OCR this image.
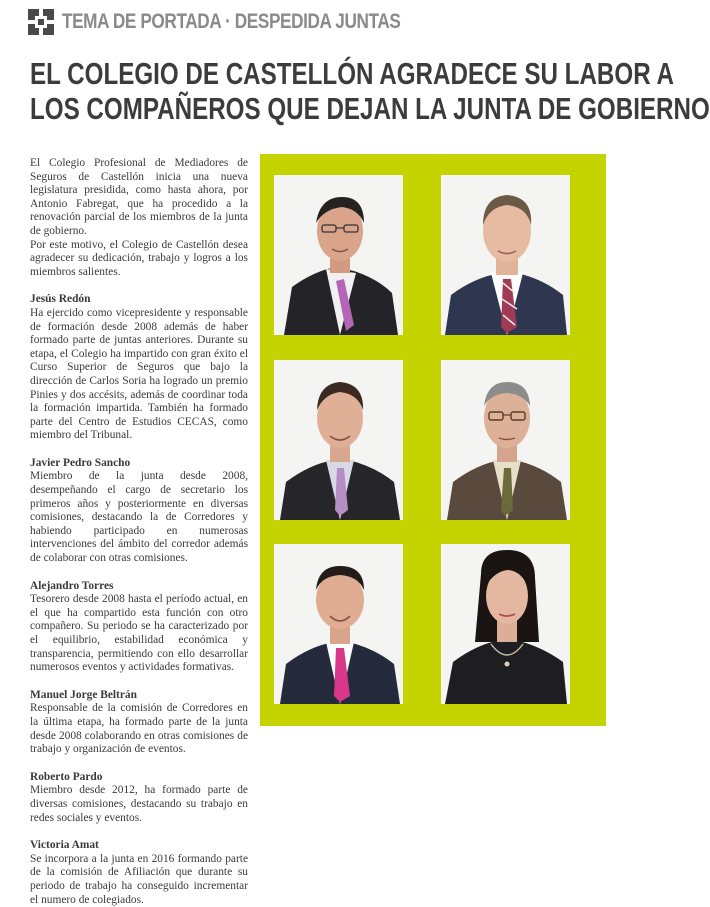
TEMA DE PORTADA · DESPEDIDA JUNTAS
EL COLEGIO DE CASTELLÓN AGRADECE SU LABOR A
LOS COMPAÑEROS QUE DEJAN LA JUNTA DE GOBIERNO

El Colegio Profesional de Mediadores de Seguros de Castellón inicia una nueva legislatura presidida, como hasta ahora, por Antonio Fabregat, que ha procedido a la renovación parcial de los miembros de la junta de gobierno.

Por este motivo, el Colegio de Castellón desea agradecer su dedicación, trabajo y logros a los miembros salientes.

Jesús Redón

Ha ejercido como vicepresidente y responsable de formación desde 2008 además de haber formado parte de juntas anteriores. Durante su etapa, el Colegio ha impartido con gran éxito el Curso Superior de Seguros que bajo la dirección de Carlos Soria ha logrado un premio Pinies y dos accésits, además de coordinar toda la formación impartida. También ha formado parte del Centro de Estudios CECAS, como miembro del Tribunal.

Javier Pedro Sancho

Miembro de la junta desde 2008, desempeñando el cargo de secretario los primeros años y posteriormente en diversas comisiones, destacando la de Corredores y habiendo participado en numerosas intervenciones del ámbito del corredor además de colaborar con otras comisiones.

Alejandro Torres

Tesorero desde 2008 hasta el período actual, en el que ha compartido esta función con otro compañero. Su periodo se ha caracterizado por el equilibrio, estabilidad económica y transparencia, permitiendo con ello desarrollar numerosos eventos y actividades formativas.

Manuel Jorge Beltrán

Responsable de la comisión de Corredores en la última etapa, ha formado parte de la junta desde 2008 colaborando en otras comisiones de trabajo y organización de eventos.

Roberto Pardo

Miembro desde 2012, ha formado parte de diversas comisiones, destacando su trabajo en redes sociales y eventos.

Victoria Amat

Se incorpora a la junta en 2016 formando parte de la comisión de Afiliación que durante su periodo de trabajo ha conseguido incrementar el numero de colegiados.
